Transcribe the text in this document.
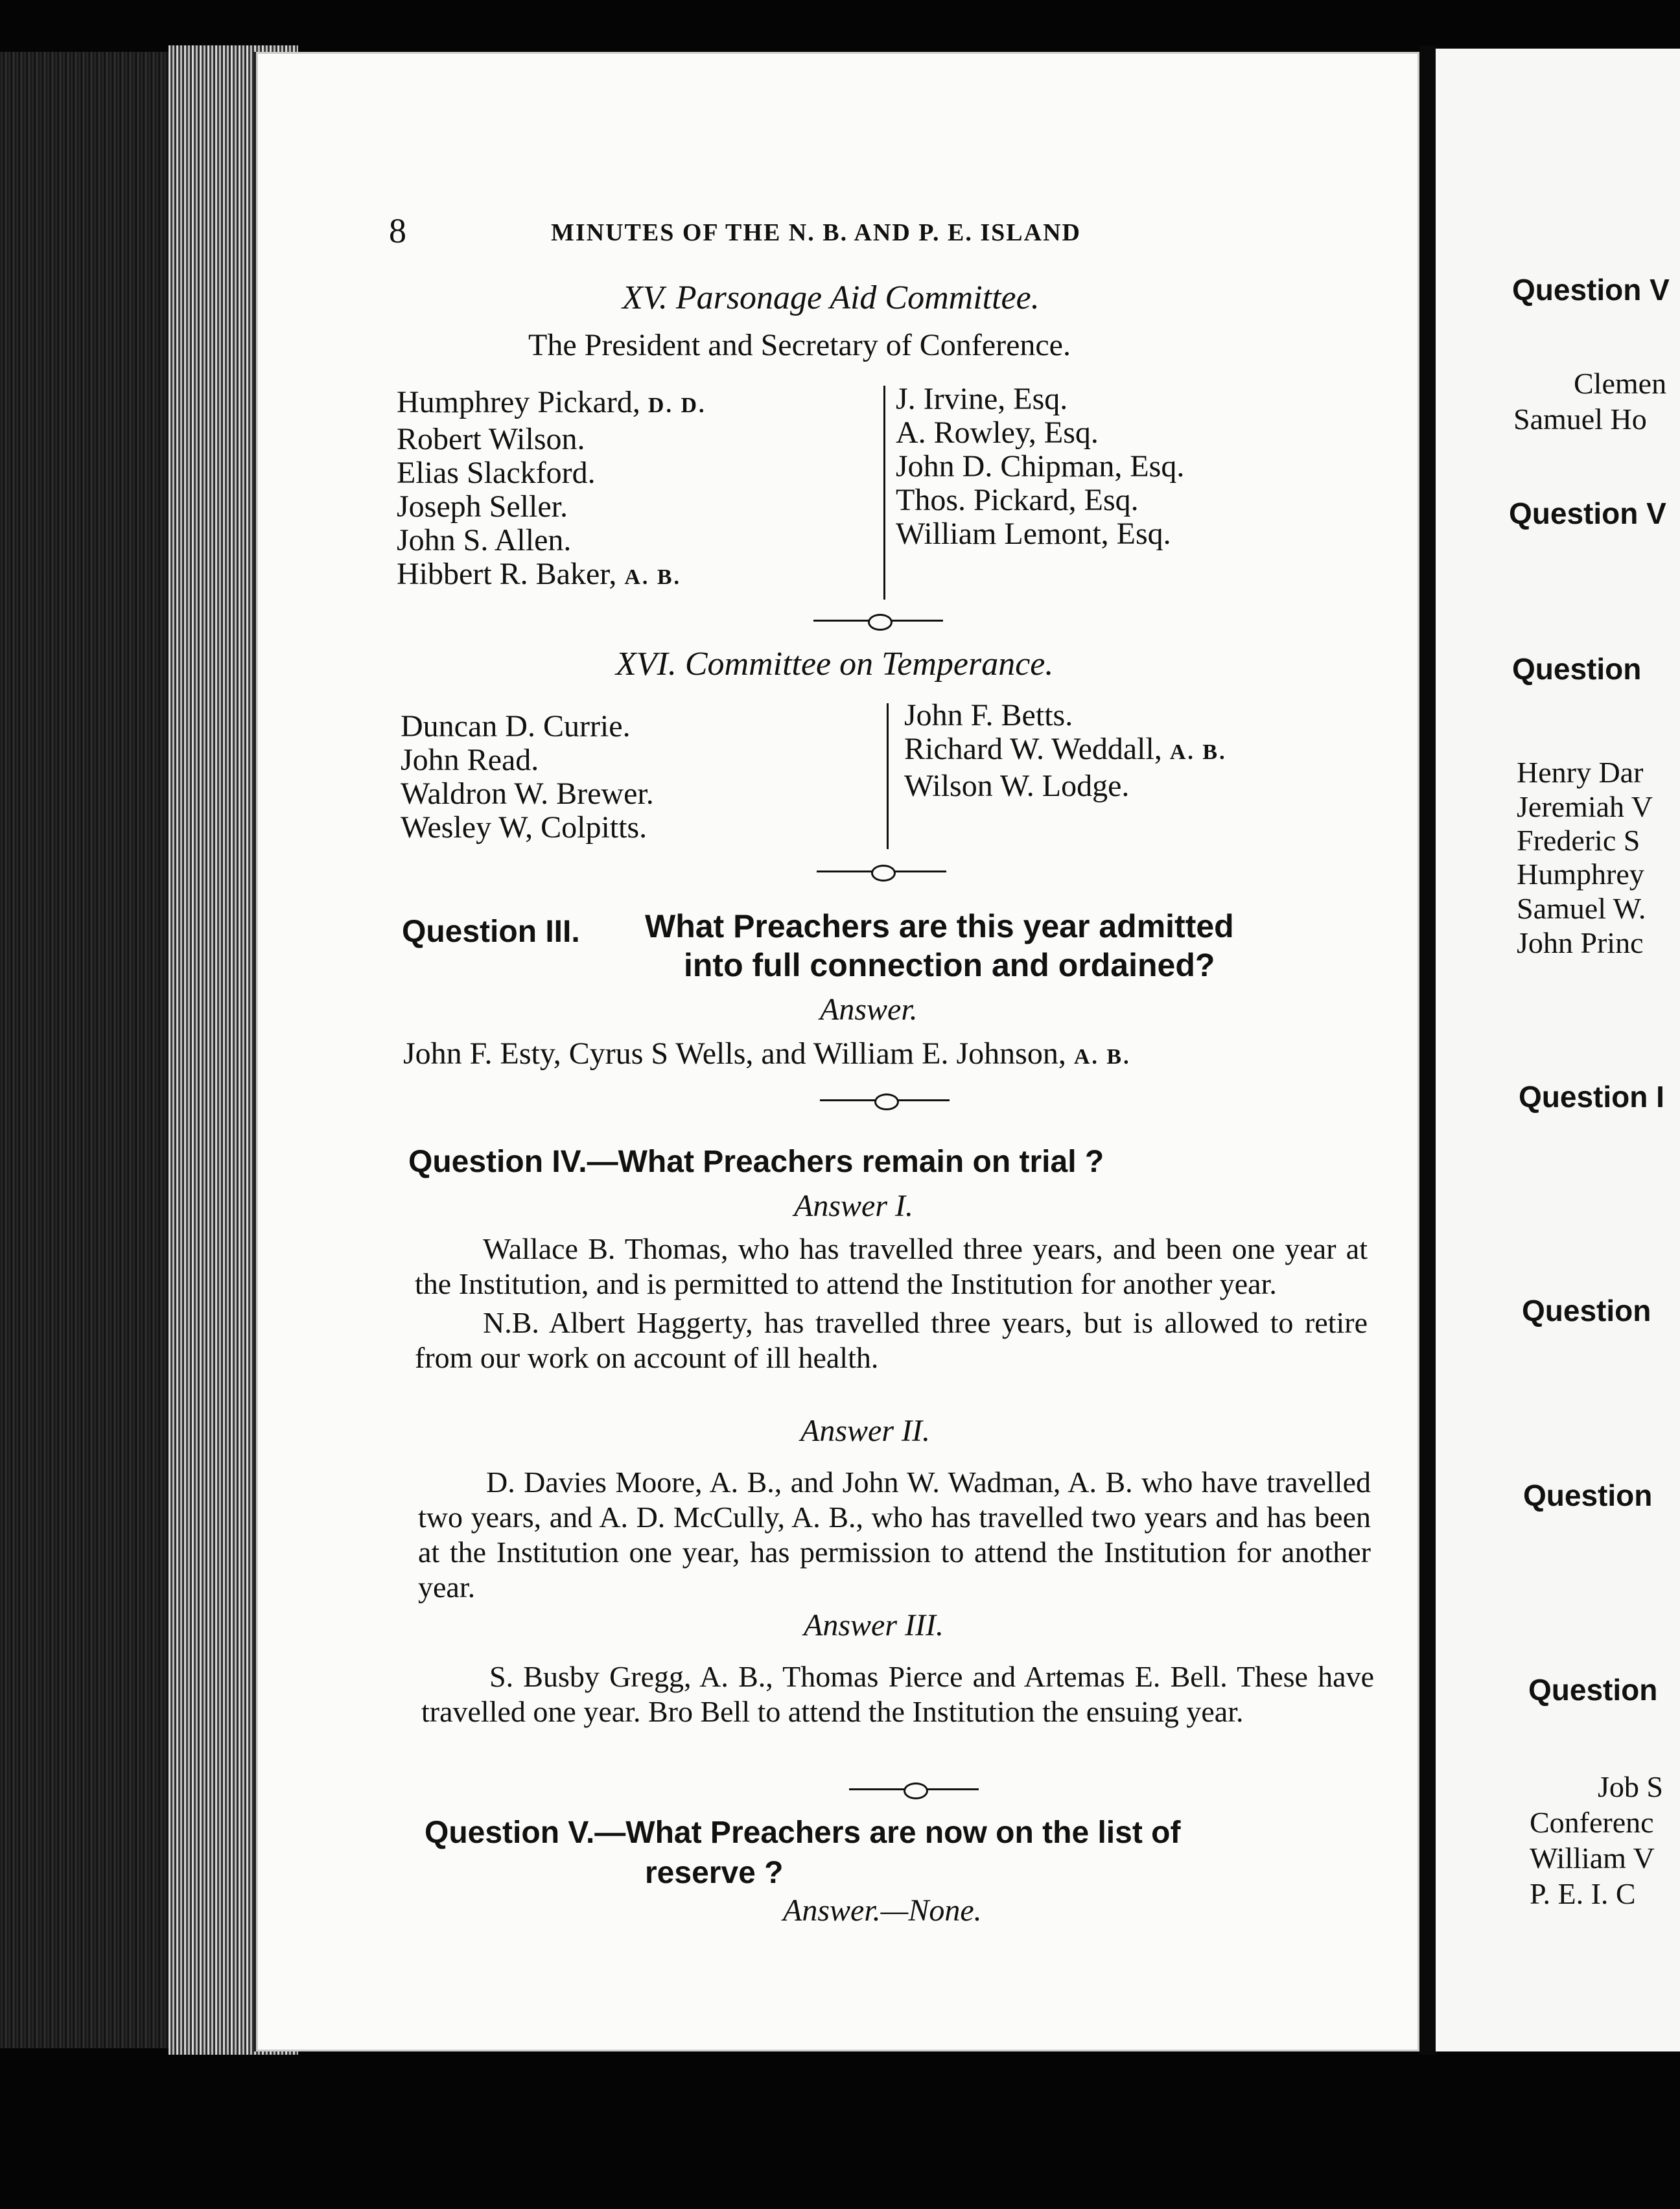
8	MINUTES OF THE N. B. AND P. E. ISLAND
XV. Parsonage Aid Committee.
The President and Secretary of Conference.
Humphrey Pickard, D. D.
Robert Wilson.
Elias Slackford.
Joseph Seller.
John S. Allen.
Hibbert R. Baker, A. B.
J. Irvine, Esq.
A. Rowley, Esq.
John D. Chipman, Esq.
Thos. Pickard, Esq.
William Lemont, Esq.
XVI. Committee on Temperance.
Duncan D. Currie.
John Read.
Waldron W. Brewer.
Wesley W, Colpitts.
John F. Betts.
Richard W. Weddall, A. B.
Wilson W. Lodge.
Question III. What Preachers are this year admitted
into full connection and ordained?
Answer.
John F. Esty, Cyrus S Wells, and William E. Johnson, A. B.
Question IV.—What Preachers remain on trial ?
Answer I.

Wallace B. Thomas, who has travelled three years, and been one year at the Institution, and is permitted to attend the Institution for another year.

N.B. Albert Haggerty, has travelled three years, but is allowed to retire from our work on account of ill health.

Answer II.

D. Davies Moore, A. B., and John W. Wadman, A. B. who have travelled two years, and A. D. McCully, A. B., who has travelled two years and has been at the Institution one year, has permission to attend the Institution for another year.

Answer III.

S. Busby Gregg, A. B., Thomas Pierce and Artemas E. Bell. These have travelled one year. Bro Bell to attend the Institution the ensuing year.

Question V.—What Preachers are now on the list of
reserve ?
Answer.—None.
Question V
Clemen
Samuel Ho
Question V
Question
Henry Dar
Jeremiah V
Frederic S
Humphrey
Samuel W.
John Princ
Question I
Question
Question
Question
Job S
Conferenc
William V
P. E. I. C
